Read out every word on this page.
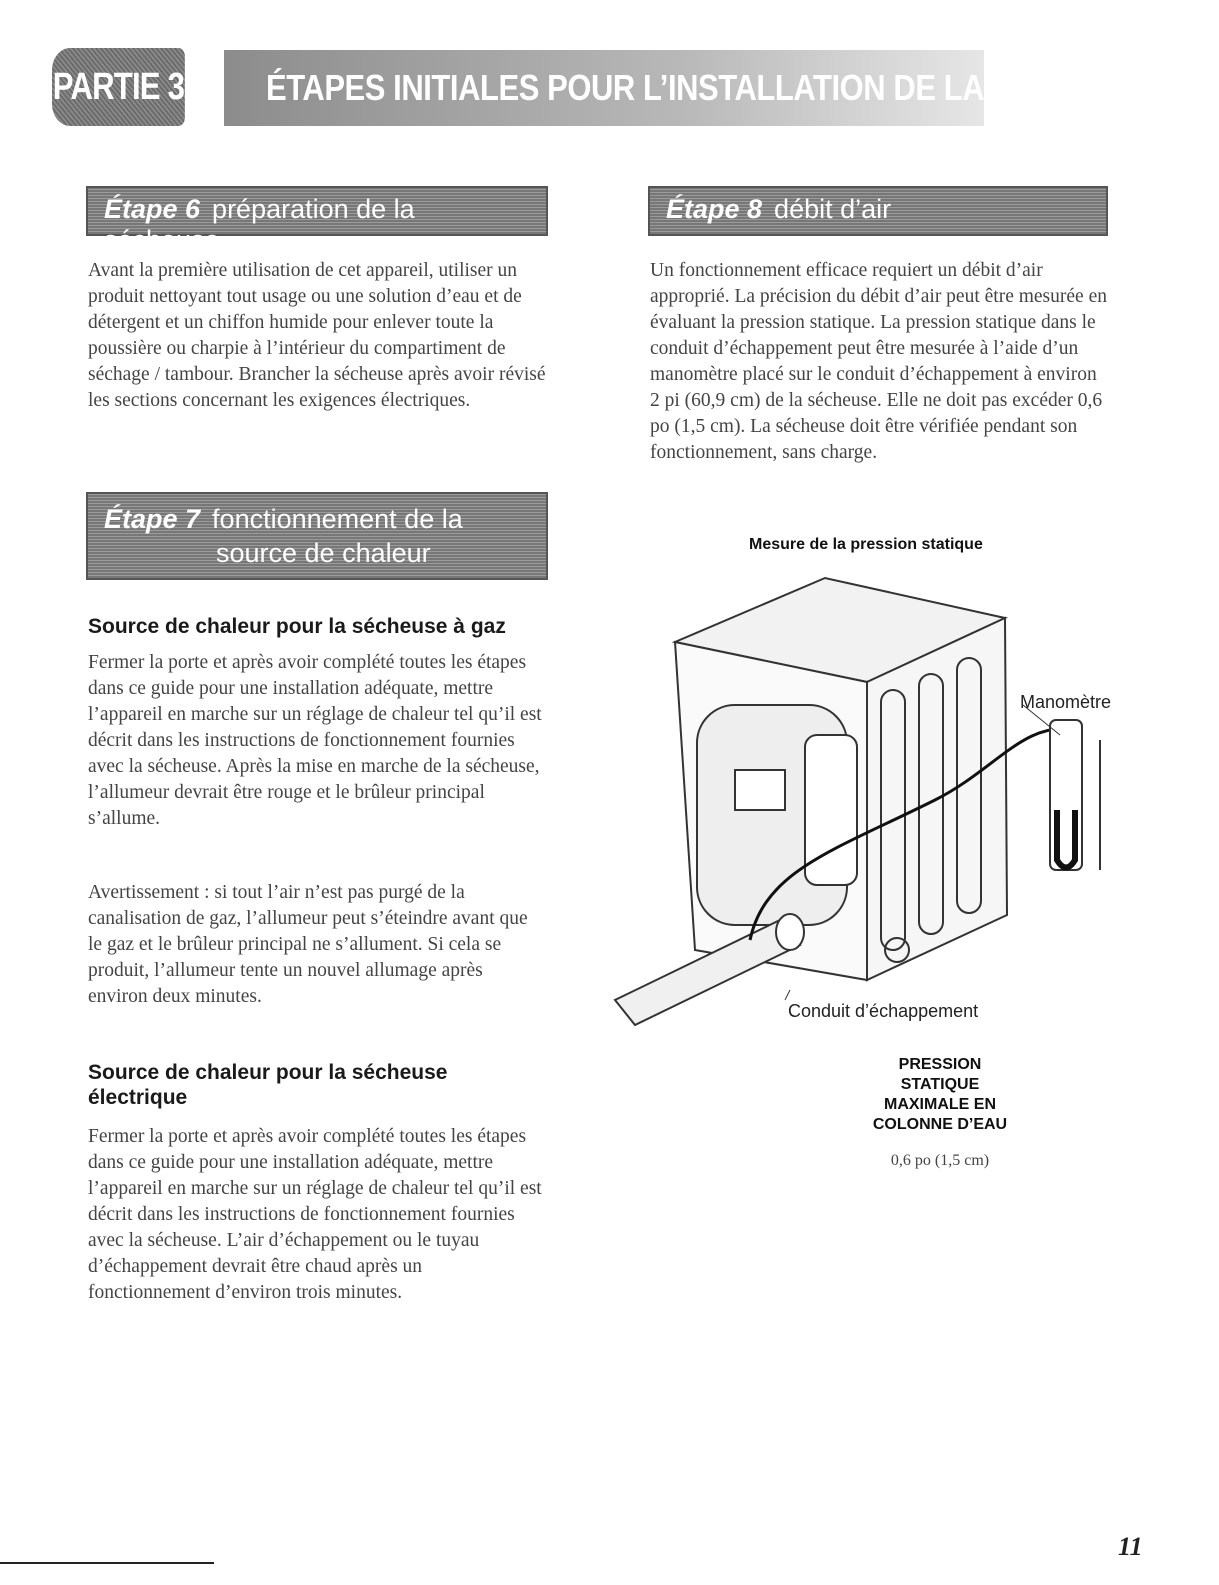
PARTIE 3	ÉTAPES INITIALES POUR L’INSTALLATION DE LA SÉCHEUSE
Étape 6 préparation de la sécheuse

Avant la première utilisation de cet appareil, utiliser un produit nettoyant tout usage ou une solution d’eau et de détergent et un chiffon humide pour enlever toute la poussière ou charpie à l’intérieur du compartiment de séchage / tambour. Brancher la sécheuse après avoir révisé les sections concernant les exigences électriques.

Étape 7 fonctionnement de la
source de chaleur
Source de chaleur pour la sécheuse à gaz

Fermer la porte et après avoir complété toutes les étapes dans ce guide pour une installation adéquate, mettre l’appareil en marche sur un réglage de chaleur tel qu’il est décrit dans les instructions de fonctionnement fournies avec la sécheuse. Après la mise en marche de la sécheuse, l’allumeur devrait être rouge et le brûleur principal s’allume.

Avertissement : si tout l’air n’est pas purgé de la canalisation de gaz, l’allumeur peut s’éteindre avant que le gaz et le brûleur principal ne s’allument. Si cela se produit, l’allumeur tente un nouvel allumage après environ deux minutes.

Source de chaleur pour la sécheuse électrique

Fermer la porte et après avoir complété toutes les étapes dans ce guide pour une installation adéquate, mettre l’appareil en marche sur un réglage de chaleur tel qu’il est décrit dans les instructions de fonctionnement fournies avec la sécheuse. L’air d’échappement ou le tuyau d’échappement devrait être chaud après un fonctionnement d’environ trois minutes.

Étape 8 débit d’air

Un fonctionnement efficace requiert un débit d’air approprié. La précision du débit d’air peut être mesurée en évaluant la pression statique. La pression statique dans le conduit d’échappement peut être mesurée à l’aide d’un manomètre placé sur le conduit d’échappement à environ 2 pi (60,9 cm) de la sécheuse. Elle ne doit pas excéder 0,6 po (1,5 cm). La sécheuse doit être vérifiée pendant son fonctionnement, sans charge.

Mesure de la pression statique
Manomètre
Conduit d’échappement
PRESSION
STATIQUE
MAXIMALE EN
COLONNE D’EAU
0,6 po (1,5 cm)
11
